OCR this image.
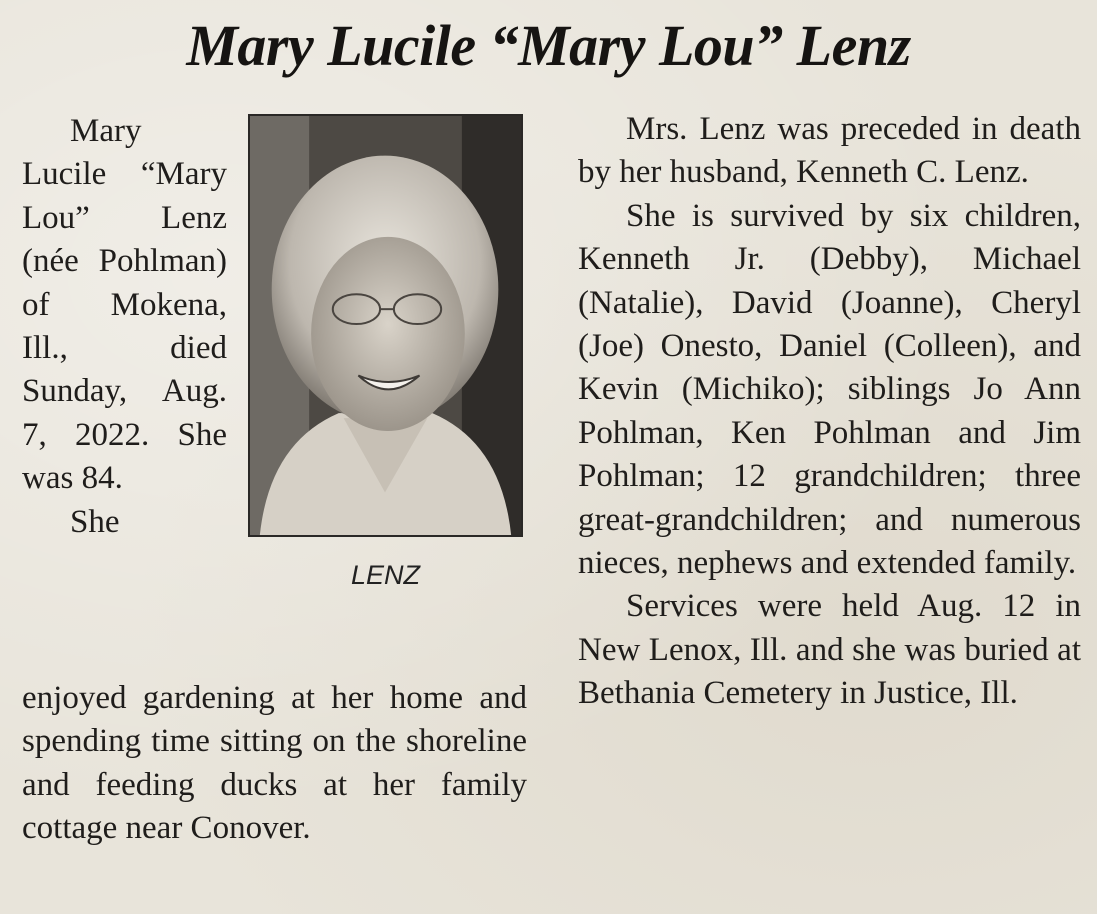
Mary Lucile “Mary Lou” Lenz

Mary Lucile “Mary Lou” Lenz (née Pohlman) of Mokena, Ill., died Sunday, Aug. 7, 2022. She was 84.

She

LENZ

enjoyed gardening at her home and spending time sitting on the shoreline and feeding ducks at her family cottage near Conover.

Mrs. Lenz was preceded in death by her husband, Kenneth C. Lenz.

She is survived by six children, Kenneth Jr. (Debby), Michael (Natalie), David (Joanne), Cheryl (Joe) Onesto, Daniel (Colleen), and Kevin (Michiko); siblings Jo Ann Pohlman, Ken Pohlman and Jim Pohlman; 12 grandchildren; three great-grandchildren; and numerous nieces, nephews and extended family.

Services were held Aug. 12 in New Lenox, Ill. and she was buried at Bethania Cemetery in Justice, Ill.
